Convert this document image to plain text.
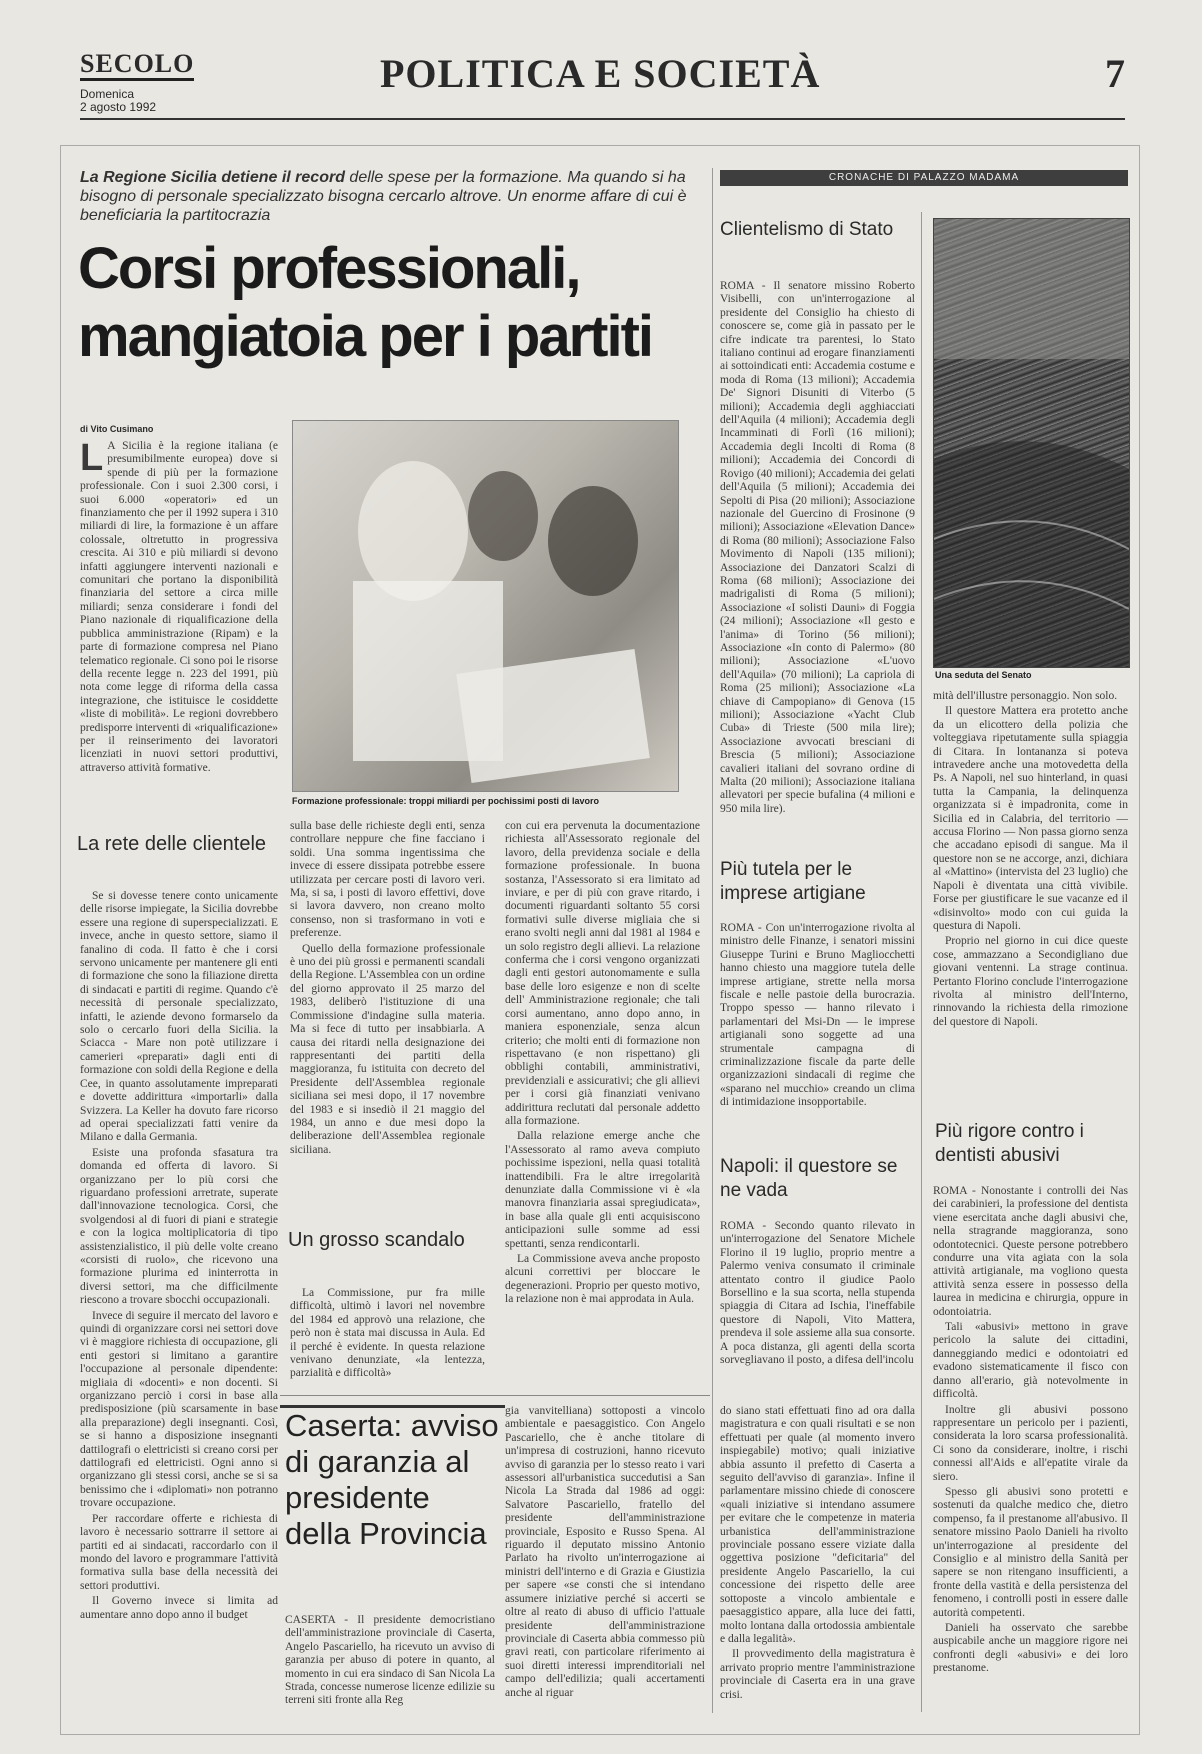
SECOLO
Domenica
2 agosto 1992
POLITICA E SOCIETÀ	7
La Regione Sicilia detiene il record delle spese per la formazione. Ma quando si ha bisogno di personale specializzato bisogna cercarlo altrove. Un enorme affare di cui è beneficiaria la partitocrazia
Corsi professionali,
mangiatoia per i partiti
di Vito Cusimano

L A Sicilia è la regione italiana (e presumibilmente europea) dove si spende di più per la formazione professionale. Con i suoi 2.300 corsi, i suoi 6.000 «operatori» ed un finanziamento che per il 1992 supera i 310 miliardi di lire, la formazione è un affare colossale, oltretutto in progressiva crescita. Ai 310 e più miliardi si devono infatti aggiungere interventi nazionali e comunitari che portano la disponibilità finanziaria del settore a circa mille miliardi; senza considerare i fondi del Piano nazionale di riqualificazione della pubblica amministrazione (Ripam) e la parte di formazione compresa nel Piano telematico regionale. Ci sono poi le risorse della recente legge n. 223 del 1991, più nota come legge di riforma della cassa integrazione, che istituisce le cosiddette «liste di mobilità». Le regioni dovrebbero predisporre interventi di «riqualificazione» per il reinserimento dei lavoratori licenziati in nuovi settori produttivi, attraverso attività formative.

La rete delle clientele

Se si dovesse tenere conto unicamente delle risorse impiegate, la Sicilia dovrebbe essere una regione di superspecializzati. E invece, anche in questo settore, siamo il fanalino di coda. Il fatto è che i corsi servono unicamente per mantenere gli enti di formazione che sono la filiazione diretta di sindacati e partiti di regime. Quando c'è necessità di personale specializzato, infatti, le aziende devono formarselo da solo o cercarlo fuori della Sicilia. la Sciacca - Mare non potè utilizzare i camerieri «preparati» dagli enti di formazione con soldi della Regione e della Cee, in quanto assolutamente impreparati e dovette addirittura «importarli» dalla Svizzera. La Keller ha dovuto fare ricorso ad operai specializzati fatti venire da Milano e dalla Germania.

Esiste una profonda sfasatura tra domanda ed offerta di lavoro. Si organizzano per lo più corsi che riguardano professioni arretrate, superate dall'innovazione tecnologica. Corsi, che svolgendosi al di fuori di piani e strategie e con la logica moltiplicatoria di tipo assistenzialistico, il più delle volte creano «corsisti di ruolo», che ricevono una formazione plurima ed ininterrotta in diversi settori, ma che difficilmente riescono a trovare sbocchi occupazionali.

Invece di seguire il mercato del lavoro e quindi di organizzare corsi nei settori dove vi è maggiore richiesta di occupazione, gli enti gestori si limitano a garantire l'occupazione al personale dipendente: migliaia di «docenti» e non docenti. Si organizzano perciò i corsi in base alla predisposizione (più scarsamente in base alla preparazione) degli insegnanti. Così, se si hanno a disposizione insegnanti dattilografi o elettricisti si creano corsi per dattilografi ed elettricisti. Ogni anno si organizzano gli stessi corsi, anche se si sa benissimo che i «diplomati» non potranno trovare occupazione.

Per raccordare offerte e richiesta di lavoro è necessario sottrarre il settore ai partiti ed ai sindacati, raccordarlo con il mondo del lavoro e programmare l'attività formativa sulla base della necessità dei settori produttivi.

Il Governo invece si limita ad aumentare anno dopo anno il budget

Formazione professionale: troppi miliardi per pochissimi posti di lavoro

sulla base delle richieste degli enti, senza controllare neppure che fine facciano i soldi. Una somma ingentissima che invece di essere dissipata potrebbe essere utilizzata per cercare posti di lavoro veri. Ma, si sa, i posti di lavoro effettivi, dove si lavora davvero, non creano molto consenso, non si trasformano in voti e preferenze.

Quello della formazione professionale è uno dei più grossi e permanenti scandali della Regione. L'Assemblea con un ordine del giorno approvato il 25 marzo del 1983, deliberò l'istituzione di una Commissione d'indagine sulla materia. Ma si fece di tutto per insabbiarla. A causa dei ritardi nella designazione dei rappresentanti dei partiti della maggioranza, fu istituita con decreto del Presidente dell'Assemblea regionale siciliana sei mesi dopo, il 17 novembre del 1983 e si insediò il 21 maggio del 1984, un anno e due mesi dopo la deliberazione dell'Assemblea regionale siciliana.

Un grosso scandalo

La Commissione, pur fra mille difficoltà, ultimò i lavori nel novembre del 1984 ed approvò una relazione, che però non è stata mai discussa in Aula. Ed il perché è evidente. In questa relazione venivano denunziate, «la lentezza, parzialità e difficoltà»

con cui era pervenuta la documentazione richiesta all'Assessorato regionale del lavoro, della previdenza sociale e della formazione professionale. In buona sostanza, l'Assessorato si era limitato ad inviare, e per di più con grave ritardo, i documenti riguardanti soltanto 55 corsi formativi sulle diverse migliaia che si erano svolti negli anni dal 1981 al 1984 e un solo registro degli allievi. La relazione conferma che i corsi vengono organizzati dagli enti gestori autonomamente e sulla base delle loro esigenze e non di scelte dell' Amministrazione regionale; che tali corsi aumentano, anno dopo anno, in maniera esponenziale, senza alcun criterio; che molti enti di formazione non rispettavano (e non rispettano) gli obblighi contabili, amministrativi, previdenziali e assicurativi; che gli allievi per i corsi già finanziati venivano addirittura reclutati dal personale addetto alla formazione.

Dalla relazione emerge anche che l'Assessorato al ramo aveva compiuto pochissime ispezioni, nella quasi totalità inattendibili. Fra le altre irregolarità denunziate dalla Commissione vi è «la manovra finanziaria assai spregiudicata», in base alla quale gli enti acquisiscono anticipazioni sulle somme ad essi spettanti, senza rendicontarli.

La Commissione aveva anche proposto alcuni correttivi per bloccare le degenerazioni. Proprio per questo motivo, la relazione non è mai approdata in Aula.

CRONACHE DI PALAZZO MADAMA
Clientelismo di Stato
ROMA - Il senatore missino Roberto Visibelli, con un'interrogazione al presidente del Consiglio ha chiesto di conoscere se, come già in passato per le cifre indicate tra parentesi, lo Stato italiano continui ad erogare finanziamenti ai sottoindicati enti: Accademia costume e moda di Roma (13 milioni); Accademia De' Signori Disuniti di Viterbo (5 milioni); Accademia degli agghiacciati dell'Aquila (4 milioni); Accademia degli Incamminati di Forlì (16 milioni); Accademia degli Incolti di Roma (8 milioni); Accademia dei Concordi di Rovigo (40 milioni); Accademia dei gelati dell'Aquila (5 milioni); Accademia dei Sepolti di Pisa (20 milioni); Associazione nazionale del Guercino di Frosinone (9 milioni); Associazione «Elevation Dance» di Roma (80 milioni); Associazione Falso Movimento di Napoli (135 milioni); Associazione dei Danzatori Scalzi di Roma (68 milioni); Associazione dei madrigalisti di Roma (5 milioni); Associazione «I solisti Dauni» di Foggia (24 milioni); Associazione «Il gesto e l'anima» di Torino (56 milioni); Associazione «In conto di Palermo» (80 milioni); Associazione «L'uovo dell'Aquila» (70 milioni); La capriola di Roma (25 milioni); Associazione «La chiave di Campopiano» di Genova (15 milioni); Associazione «Yacht Club Cuba» di Trieste (500 mila lire); Associazione avvocati bresciani di Brescia (5 milioni); Associazione cavalieri italiani del sovrano ordine di Malta (20 milioni); Associazione italiana allevatori per specie bufalina (4 milioni e 950 mila lire).
Più tutela per le imprese artigiane
ROMA - Con un'interrogazione rivolta al ministro delle Finanze, i senatori missini Giuseppe Turini e Bruno Magliocchetti hanno chiesto una maggiore tutela delle imprese artigiane, strette nella morsa fiscale e nelle pastoie della burocrazia. Troppo spesso — hanno rilevato i parlamentari del Msi-Dn — le imprese artigianali sono soggette ad una strumentale campagna di criminalizzazione fiscale da parte delle organizzazioni sindacali di regime che «sparano nel mucchio» creando un clima di intimidazione insopportabile.
Napoli: il questore se ne vada
ROMA - Secondo quanto rilevato in un'interrogazione del Senatore Michele Florino il 19 luglio, proprio mentre a Palermo veniva consumato il criminale attentato contro il giudice Paolo Borsellino e la sua scorta, nella stupenda spiaggia di Citara ad Ischia, l'ineffabile questore di Napoli, Vito Mattera, prendeva il sole assieme alla sua consorte. A poca distanza, gli agenti della scorta sorvegliavano il posto, a difesa dell'incolu
Una seduta del Senato

mità dell'illustre personaggio. Non solo.

Il questore Mattera era protetto anche da un elicottero della polizia che volteggiava ripetutamente sulla spiaggia di Citara. In lontananza si poteva intravedere anche una motovedetta della Ps. A Napoli, nel suo hinterland, in quasi tutta la Campania, la delinquenza organizzata si è impadronita, come in Sicilia ed in Calabria, del territorio — accusa Florino — Non passa giorno senza che accadano episodi di sangue. Ma il questore non se ne accorge, anzi, dichiara al «Mattino» (intervista del 23 luglio) che Napoli è diventata una città vivibile. Forse per giustificare le sue vacanze ed il «disinvolto» modo con cui guida la questura di Napoli.

Proprio nel giorno in cui dice queste cose, ammazzano a Secondigliano due giovani ventenni. La strage continua. Pertanto Florino conclude l'interrogazione rivolta al ministro dell'Interno, rinnovando la richiesta della rimozione del questore di Napoli.

Più rigore contro i dentisti abusivi

ROMA - Nonostante i controlli dei Nas dei carabinieri, la professione del dentista viene esercitata anche dagli abusivi che, nella stragrande maggioranza, sono odontotecnici. Queste persone potrebbero condurre una vita agiata con la sola attività artigianale, ma vogliono questa attività senza essere in possesso della laurea in medicina e chirurgia, oppure in odontoiatria.

Tali «abusivi» mettono in grave pericolo la salute dei cittadini, danneggiando medici e odontoiatri ed evadono sistematicamente il fisco con danno all'erario, già notevolmente in difficoltà.

Inoltre gli abusivi possono rappresentare un pericolo per i pazienti, considerata la loro scarsa professionalità. Ci sono da considerare, inoltre, i rischi connessi all'Aids e all'epatite virale da siero.

Spesso gli abusivi sono protetti e sostenuti da qualche medico che, dietro compenso, fa il prestanome all'abusivo. Il senatore missino Paolo Danieli ha rivolto un'interrogazione al presidente del Consiglio e al ministro della Sanità per sapere se non ritengano insufficienti, a fronte della vastità e della persistenza del fenomeno, i controlli posti in essere dalle autorità competenti.

Danieli ha osservato che sarebbe auspicabile anche un maggiore rigore nei confronti degli «abusivi» e dei loro prestanome.

Caserta: avviso di garanzia al presidente della Provincia
CASERTA - Il presidente democristiano dell'amministrazione provinciale di Caserta, Angelo Pascariello, ha ricevuto un avviso di garanzia per abuso di potere in quanto, al momento in cui era sindaco di San Nicola La Strada, concesse numerose licenze edilizie su terreni siti fronte alla Reg
gia vanvitelliana) sottoposti a vincolo ambientale e paesaggistico. Con Angelo Pascariello, che è anche titolare di un'impresa di costruzioni, hanno ricevuto avviso di garanzia per lo stesso reato i vari assessori all'urbanistica succedutisi a San Nicola La Strada dal 1986 ad oggi: Salvatore Pascariello, fratello del presidente dell'amministrazione provinciale, Esposito e Russo Spena. Al riguardo il deputato missino Antonio Parlato ha rivolto un'interrogazione ai ministri dell'interno e di Grazia e Giustizia per sapere «se consti che si intendano assumere iniziative perché si accerti se oltre al reato di abuso di ufficio l'attuale presidente dell'amministrazione provinciale di Caserta abbia commesso più gravi reati, con particolare riferimento ai suoi diretti interessi imprenditoriali nel campo dell'edilizia; quali accertamenti anche al riguar

do siano stati effettuati fino ad ora dalla magistratura e con quali risultati e se non effettuati per quale (al momento invero inspiegabile) motivo; quali iniziative abbia assunto il prefetto di Caserta a seguito dell'avviso di garanzia». Infine il parlamentare missino chiede di conoscere «quali iniziative si intendano assumere per evitare che le competenze in materia urbanistica dell'amministrazione provinciale possano essere viziate dalla oggettiva posizione "deficitaria" del presidente Angelo Pascariello, la cui concessione dei rispetto delle aree sottoposte a vincolo ambientale e paesaggistico appare, alla luce dei fatti, molto lontana dalla ortodossia ambientale e dalla legalità».

Il provvedimento della magistratura è arrivato proprio mentre l'amministrazione provinciale di Caserta era in una grave crisi.
